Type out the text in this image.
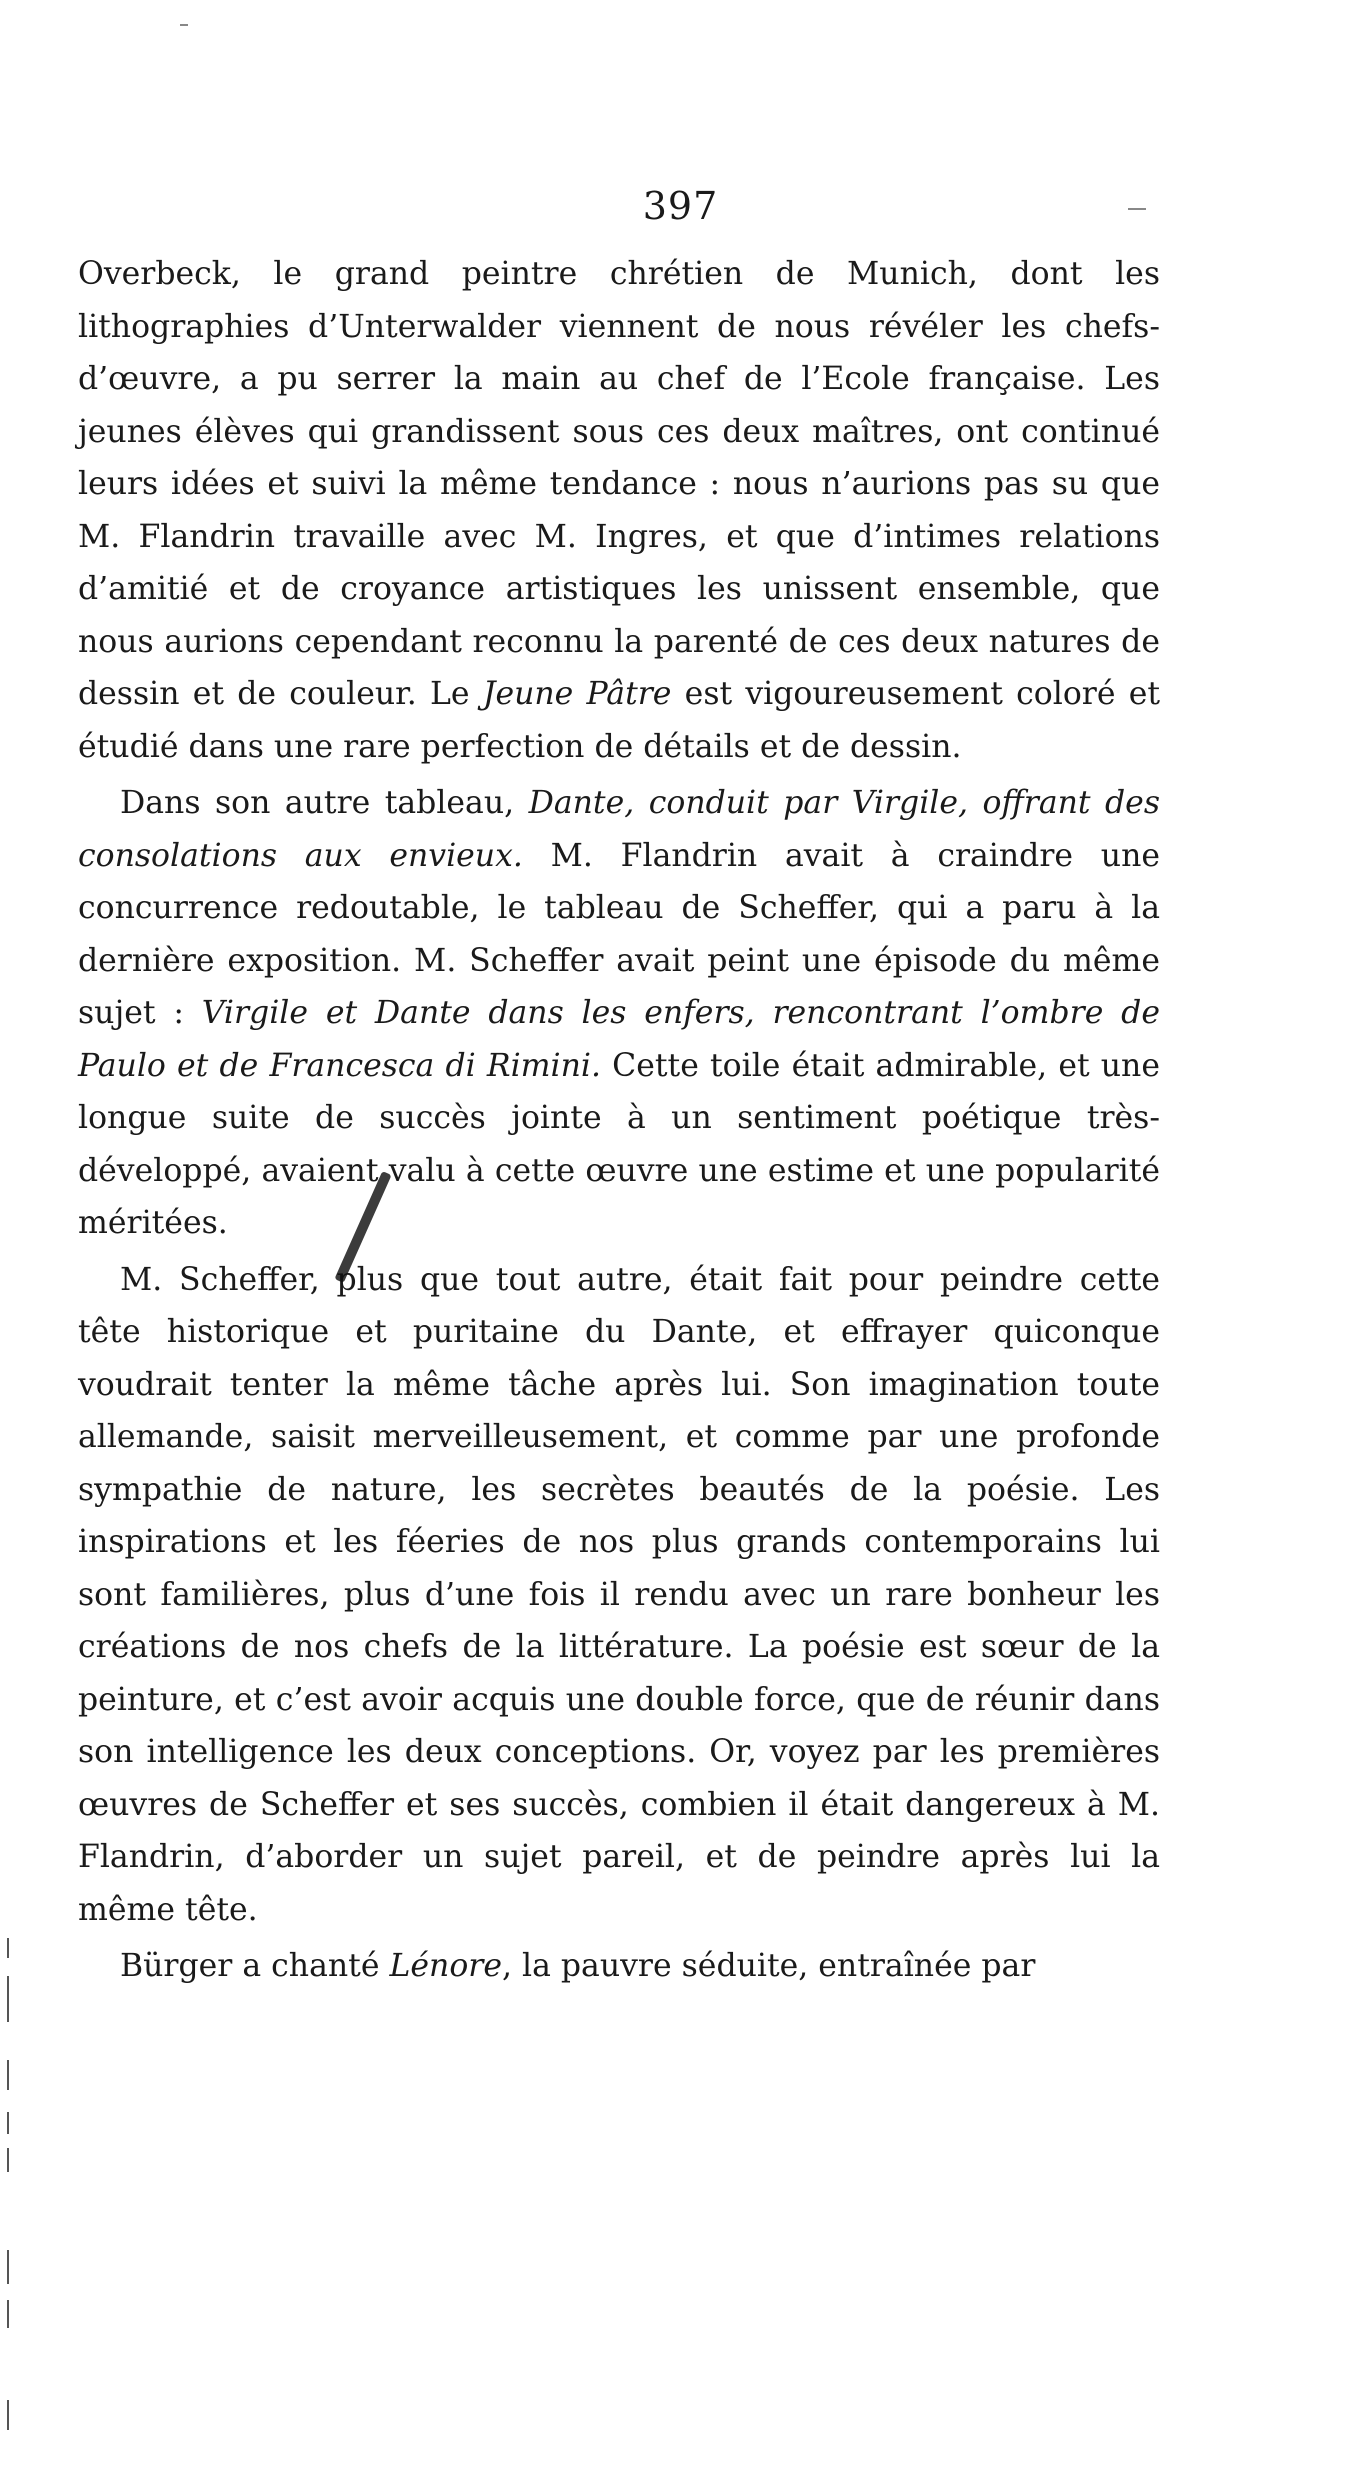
397

Overbeck, le grand peintre chrétien de Munich, dont les lithographies d’Unterwalder viennent de nous révéler les chefs-d’œuvre, a pu serrer la main au chef de l’Ecole française. Les jeunes élèves qui grandissent sous ces deux maîtres, ont continué leurs idées et suivi la même tendance : nous n’aurions pas su que M. Flandrin travaille avec M. Ingres, et que d’intimes relations d’amitié et de croyance artistiques les unissent ensemble, que nous aurions cependant reconnu la parenté de ces deux natures de dessin et de couleur. Le Jeune Pâtre est vigoureusement coloré et étudié dans une rare perfection de détails et de dessin.

Dans son autre tableau, Dante, conduit par Virgile, offrant des consolations aux envieux. M. Flandrin avait à craindre une concurrence redoutable, le tableau de Scheffer, qui a paru à la dernière exposition. M. Scheffer avait peint une épisode du même sujet : Virgile et Dante dans les enfers, rencontrant l’ombre de Paulo et de Francesca di Rimini. Cette toile était admirable, et une longue suite de succès jointe à un sentiment poétique très-développé, avaient valu à cette œuvre une estime et une popularité méritées.

M. Scheffer, plus que tout autre, était fait pour peindre cette tête historique et puritaine du Dante, et effrayer quiconque voudrait tenter la même tâche après lui. Son imagination toute allemande, saisit merveilleusement, et comme par une profonde sympathie de nature, les secrètes beautés de la poésie. Les inspirations et les féeries de nos plus grands contemporains lui sont familières, plus d’une fois il rendu avec un rare bonheur les créations de nos chefs de la littérature. La poésie est sœur de la peinture, et c’est avoir acquis une double force, que de réunir dans son intelligence les deux conceptions. Or, voyez par les premières œuvres de Scheffer et ses succès, combien il était dangereux à M. Flandrin, d’aborder un sujet pareil, et de peindre après lui la même tête.

Bürger a chanté Lénore, la pauvre séduite, entraînée par
